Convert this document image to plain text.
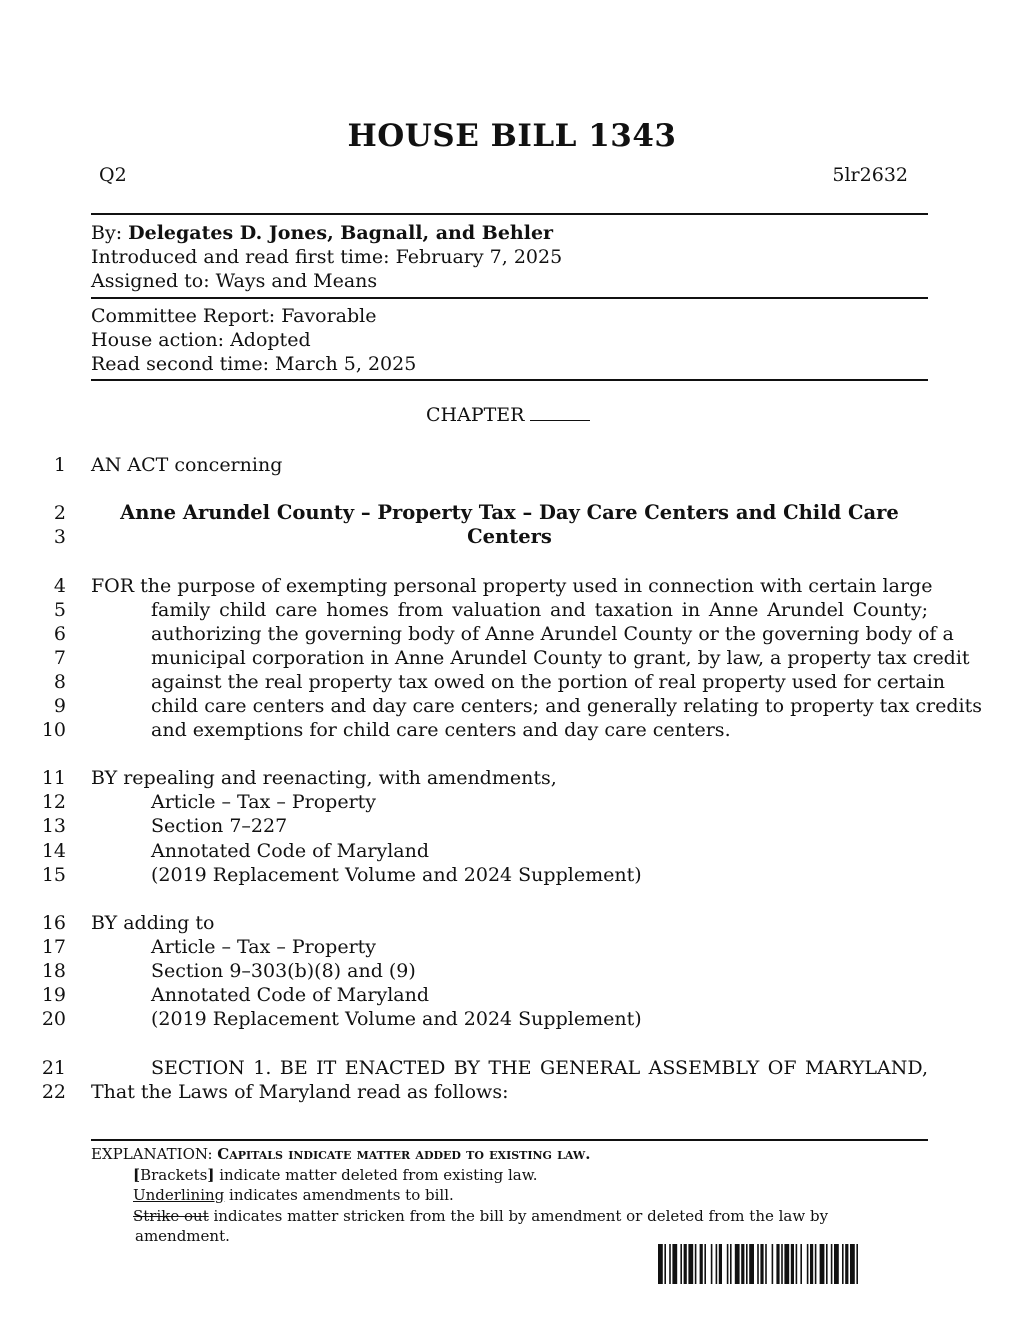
HOUSE BILL 1343
Q2	5lr2632
By: Delegates D. Jones, Bagnall, and Behler
Introduced and read first time: February 7, 2025
Assigned to: Ways and Means
Committee Report: Favorable
House action: Adopted
Read second time: March 5, 2025
CHAPTER
1 AN ACT concerning
2	Anne Arundel County – Property Tax – Day Care Centers and Child Care
3	Centers
4 FOR the purpose of exempting personal property used in connection with certain large
5	family child care homes from valuation and taxation in Anne Arundel County;
6	authorizing the governing body of Anne Arundel County or the governing body of a
7	municipal corporation in Anne Arundel County to grant, by law, a property tax credit
8	against the real property tax owed on the portion of real property used for certain
9	child care centers and day care centers; and generally relating to property tax credits
10	and exemptions for child care centers and day care centers.
11 BY repealing and reenacting, with amendments,
12	Article – Tax – Property
13	Section 7–227
14	Annotated Code of Maryland
15	(2019 Replacement Volume and 2024 Supplement)
16 BY adding to
17	Article – Tax – Property
18	Section 9–303(b)(8) and (9)
19	Annotated Code of Maryland
20	(2019 Replacement Volume and 2024 Supplement)
21	SECTION 1. BE IT ENACTED BY THE GENERAL ASSEMBLY OF MARYLAND,
22 That the Laws of Maryland read as follows:
EXPLANATION: Capitals indicate matter added to existing law.
[Brackets] indicate matter deleted from existing law.
Underlining indicates amendments to bill.
Strike out indicates matter stricken from the bill by amendment or deleted from the law by
amendment.
